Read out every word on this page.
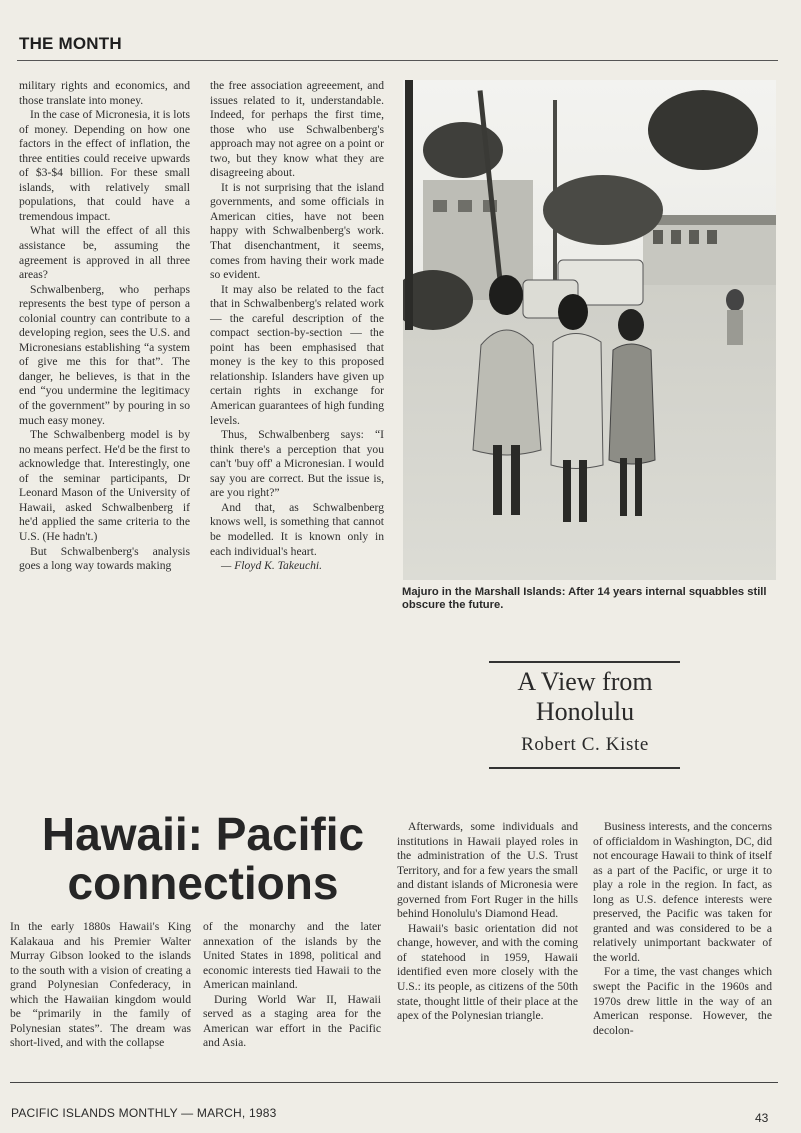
THE MONTH

military rights and economics, and those translate into money.

In the case of Micronesia, it is lots of money. Depending on how one factors in the effect of inflation, the three entities could receive upwards of $3-$4 billion. For these small islands, with relatively small populations, that could have a tremendous impact.

What will the effect of all this assistance be, assuming the agreement is approved in all three areas?

Schwalbenberg, who perhaps represents the best type of person a colonial country can contribute to a developing region, sees the U.S. and Micronesians establishing “a system of give me this for that”. The danger, he believes, is that in the end “you undermine the legitimacy of the government” by pouring in so much easy money.

The Schwalbenberg model is by no means perfect. He'd be the first to acknowledge that. Interestingly, one of the seminar participants, Dr Leonard Mason of the University of Hawaii, asked Schwalbenberg if he'd applied the same criteria to the U.S. (He hadn't.)

But Schwalbenberg's analysis goes a long way towards making

the free association agreeement, and issues related to it, understandable. Indeed, for perhaps the first time, those who use Schwalbenberg's approach may not agree on a point or two, but they know what they are disagreeing about.

It is not surprising that the island governments, and some officials in American cities, have not been happy with Schwalbenberg's work. That disenchantment, it seems, comes from having their work made so evident.

It may also be related to the fact that in Schwalbenberg's related work — the careful description of the compact section-by-section — the point has been emphasised that money is the key to this proposed relationship. Islanders have given up certain rights in exchange for American guarantees of high funding levels.

Thus, Schwalbenberg says: “I think there's a perception that you can't 'buy off' a Micronesian. I would say you are correct. But the issue is, are you right?”

And that, as Schwalbenberg knows well, is something that cannot be modelled. It is known only in each individual's heart.

— Floyd K. Takeuchi.

Majuro in the Marshall Islands: After 14 years internal squabbles still obscure the future.
A View from
Honolulu
Robert C. Kiste
Hawaii: Pacific
connections

In the early 1880s Hawaii's King Kalakaua and his Premier Walter Murray Gibson looked to the islands to the south with a vision of creating a grand Polynesian Confederacy, in which the Hawaiian kingdom would be “primarily in the family of Polynesian states”. The dream was short-lived, and with the collapse

of the monarchy and the later annexation of the islands by the United States in 1898, political and economic interests tied Hawaii to the American mainland.

During World War II, Hawaii served as a staging area for the American war effort in the Pacific and Asia.

Afterwards, some individuals and institutions in Hawaii played roles in the administration of the U.S. Trust Territory, and for a few years the small and distant islands of Micronesia were governed from Fort Ruger in the hills behind Honolulu's Diamond Head.

Hawaii's basic orientation did not change, however, and with the coming of statehood in 1959, Hawaii identified even more closely with the U.S.: its people, as citizens of the 50th state, thought little of their place at the apex of the Polynesian triangle.

Business interests, and the concerns of officialdom in Washington, DC, did not encourage Hawaii to think of itself as a part of the Pacific, or urge it to play a role in the region. In fact, as long as U.S. defence interests were preserved, the Pacific was taken for granted and was considered to be a relatively unimportant backwater of the world.

For a time, the vast changes which swept the Pacific in the 1960s and 1970s drew little in the way of an American response. However, the decolon-

PACIFIC ISLANDS MONTHLY — MARCH, 1983	43
